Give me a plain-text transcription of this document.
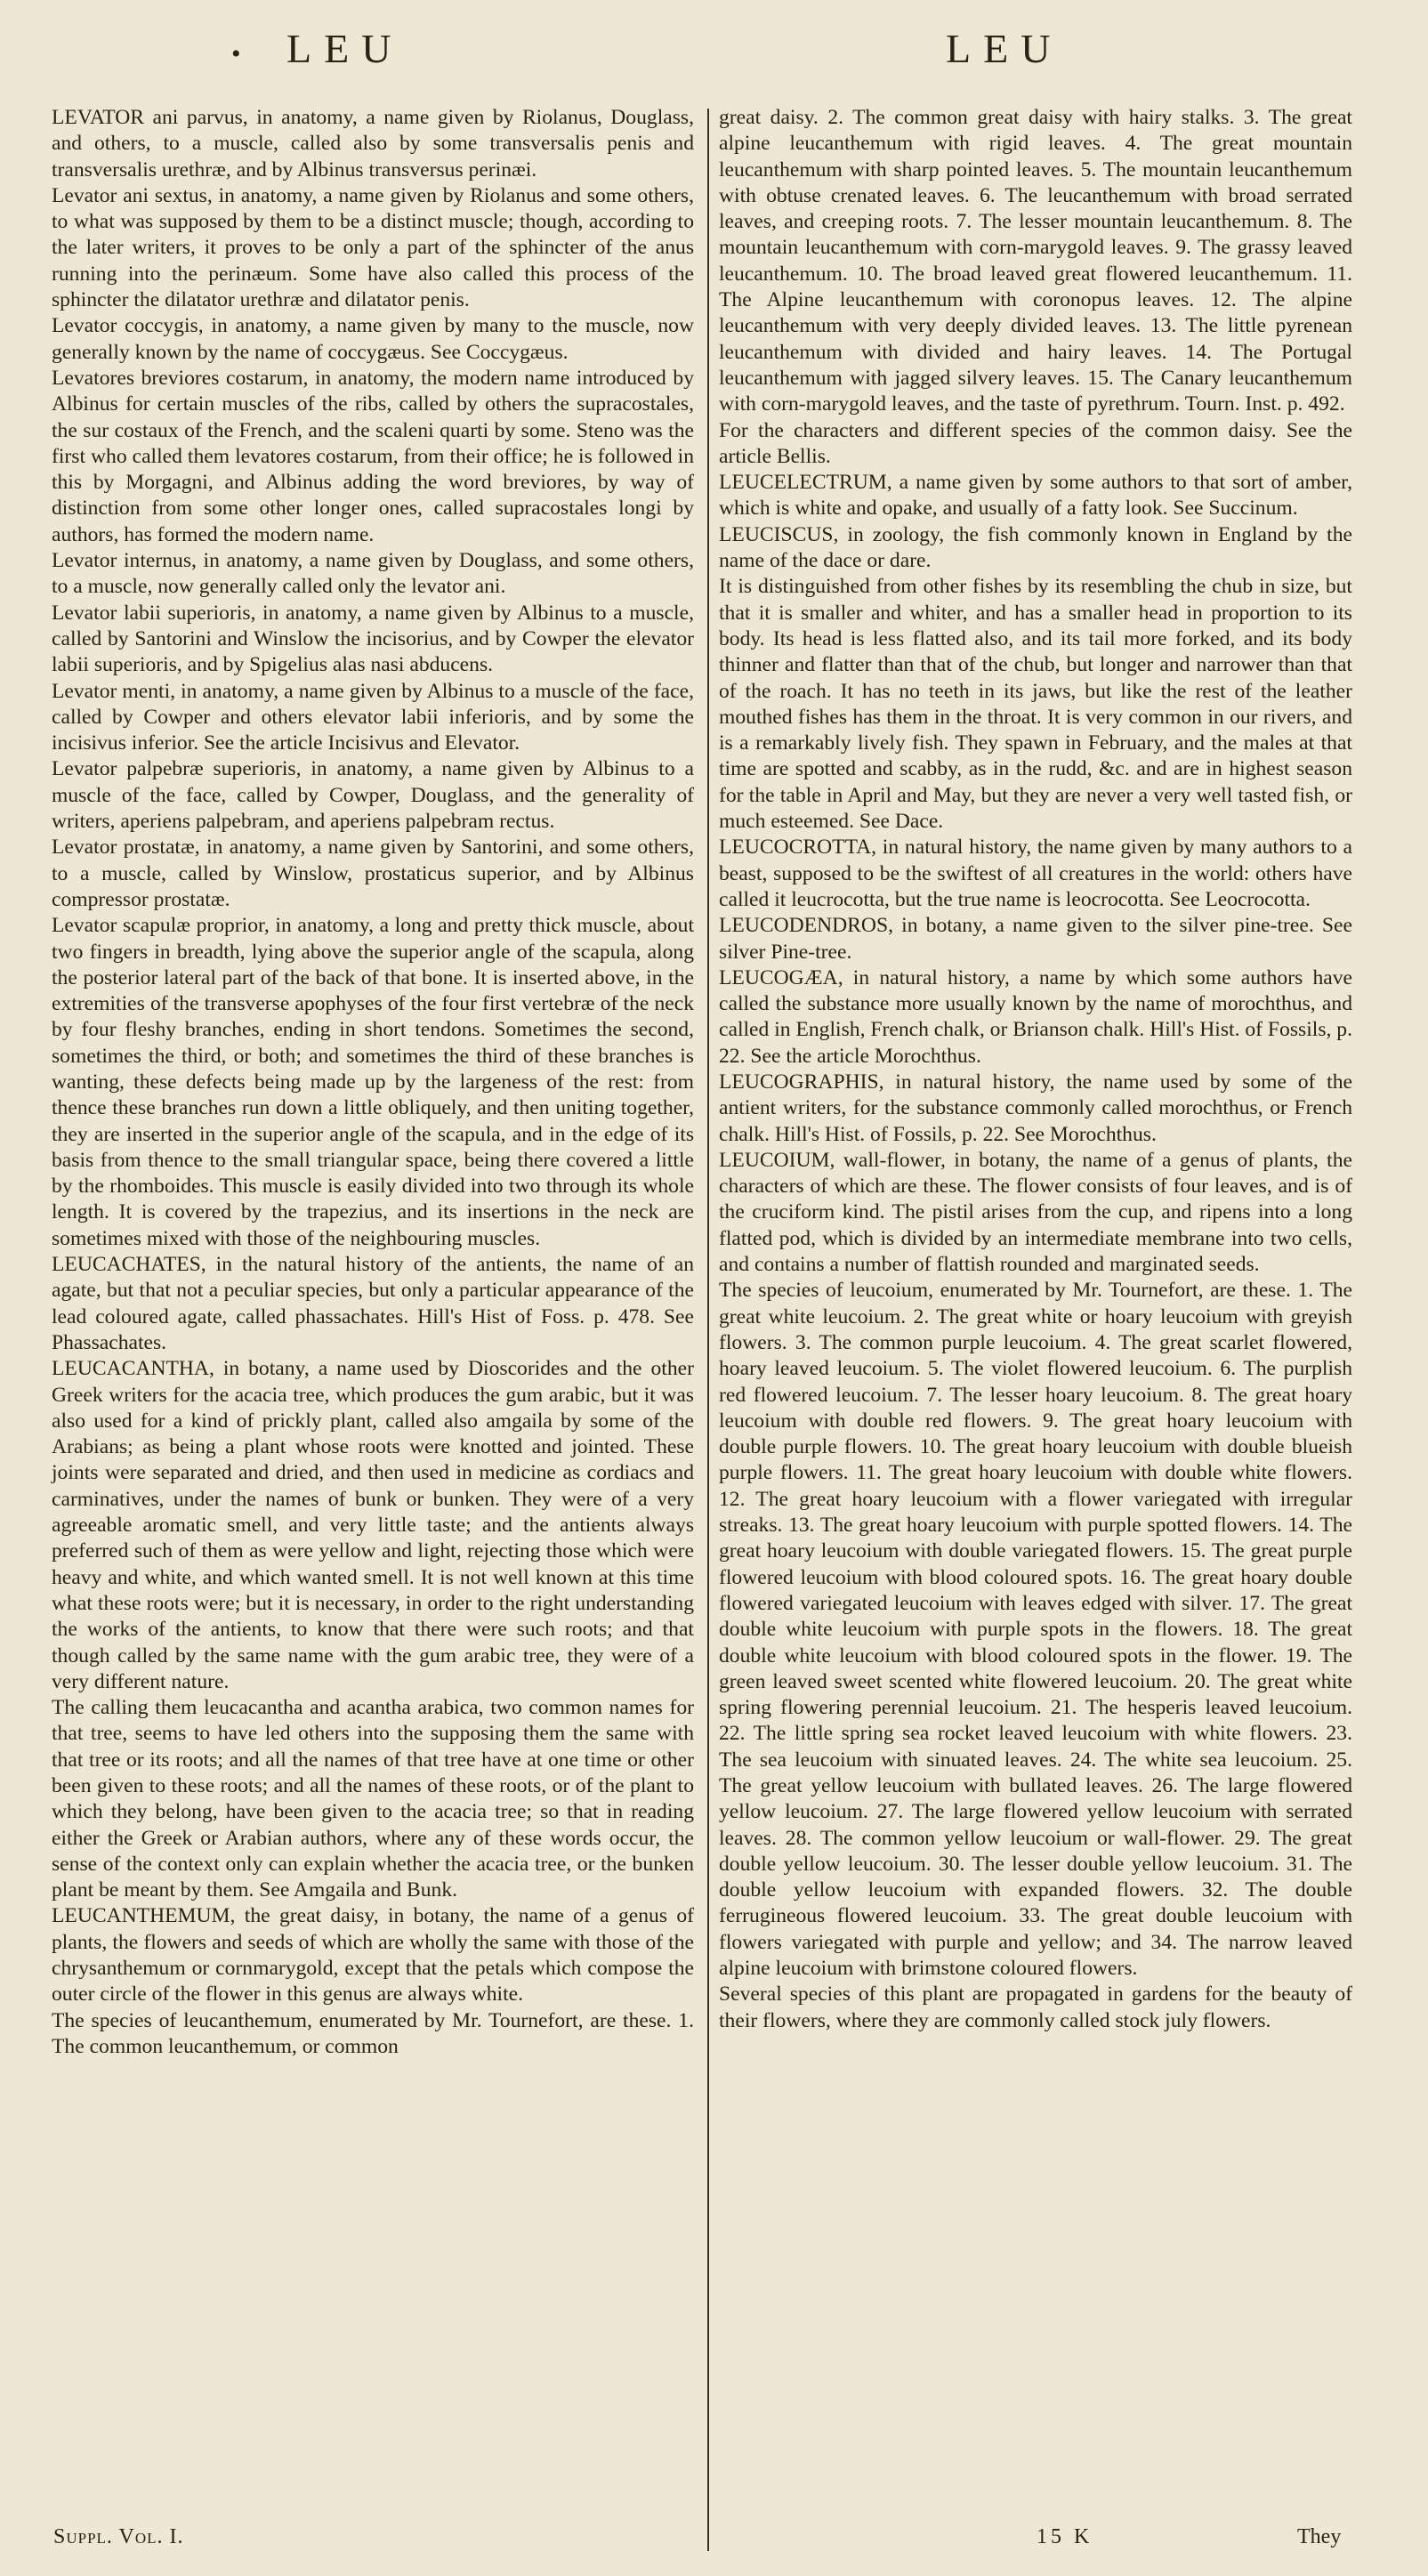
• LEU	LEU

LEVATOR ani parvus, in anatomy, a name given by Riolanus, Douglass, and others, to a muscle, called also by some transversalis penis and transversalis urethræ, and by Albinus transversus perinæi.

Levator ani sextus, in anatomy, a name given by Riolanus and some others, to what was supposed by them to be a distinct muscle; though, according to the later writers, it proves to be only a part of the sphincter of the anus running into the perinæum. Some have also called this process of the sphincter the dilatator urethræ and dilatator penis.

Levator coccygis, in anatomy, a name given by many to the muscle, now generally known by the name of coccygæus. See Coccygæus.

Levatores breviores costarum, in anatomy, the modern name introduced by Albinus for certain muscles of the ribs, called by others the supracostales, the sur costaux of the French, and the scaleni quarti by some. Steno was the first who called them levatores costarum, from their office; he is followed in this by Morgagni, and Albinus adding the word breviores, by way of distinction from some other longer ones, called supracostales longi by authors, has formed the modern name.

Levator internus, in anatomy, a name given by Douglass, and some others, to a muscle, now generally called only the levator ani.

Levator labii superioris, in anatomy, a name given by Albinus to a muscle, called by Santorini and Winslow the incisorius, and by Cowper the elevator labii superioris, and by Spigelius alas nasi abducens.

Levator menti, in anatomy, a name given by Albinus to a muscle of the face, called by Cowper and others elevator labii inferioris, and by some the incisivus inferior. See the article Incisivus and Elevator.

Levator palpebræ superioris, in anatomy, a name given by Albinus to a muscle of the face, called by Cowper, Douglass, and the generality of writers, aperiens palpebram, and aperiens palpebram rectus.

Levator prostatæ, in anatomy, a name given by Santorini, and some others, to a muscle, called by Winslow, prostaticus superior, and by Albinus compressor prostatæ.

Levator scapulæ proprior, in anatomy, a long and pretty thick muscle, about two fingers in breadth, lying above the superior angle of the scapula, along the posterior lateral part of the back of that bone. It is inserted above, in the extremities of the transverse apophyses of the four first vertebræ of the neck by four fleshy branches, ending in short tendons. Sometimes the second, sometimes the third, or both; and sometimes the third of these branches is wanting, these defects being made up by the largeness of the rest: from thence these branches run down a little obliquely, and then uniting together, they are inserted in the superior angle of the scapula, and in the edge of its basis from thence to the small triangular space, being there covered a little by the rhomboides. This muscle is easily divided into two through its whole length. It is covered by the trapezius, and its insertions in the neck are sometimes mixed with those of the neighbouring muscles.

LEUCACHATES, in the natural history of the antients, the name of an agate, but that not a peculiar species, but only a particular appearance of the lead coloured agate, called phassachates. Hill's Hist of Foss. p. 478. See Phassachates.

LEUCACANTHA, in botany, a name used by Dioscorides and the other Greek writers for the acacia tree, which produces the gum arabic, but it was also used for a kind of prickly plant, called also amgaila by some of the Arabians; as being a plant whose roots were knotted and jointed. These joints were separated and dried, and then used in medicine as cordiacs and carminatives, under the names of bunk or bunken. They were of a very agreeable aromatic smell, and very little taste; and the antients always preferred such of them as were yellow and light, rejecting those which were heavy and white, and which wanted smell. It is not well known at this time what these roots were; but it is necessary, in order to the right understanding the works of the antients, to know that there were such roots; and that though called by the same name with the gum arabic tree, they were of a very different nature.

The calling them leucacantha and acantha arabica, two common names for that tree, seems to have led others into the supposing them the same with that tree or its roots; and all the names of that tree have at one time or other been given to these roots; and all the names of these roots, or of the plant to which they belong, have been given to the acacia tree; so that in reading either the Greek or Arabian authors, where any of these words occur, the sense of the context only can explain whether the acacia tree, or the bunken plant be meant by them. See Amgaila and Bunk.

LEUCANTHEMUM, the great daisy, in botany, the name of a genus of plants, the flowers and seeds of which are wholly the same with those of the chrysanthemum or cornmarygold, except that the petals which compose the outer circle of the flower in this genus are always white.

The species of leucanthemum, enumerated by Mr. Tournefort, are these. 1. The common leucanthemum, or common

great daisy. 2. The common great daisy with hairy stalks. 3. The great alpine leucanthemum with rigid leaves. 4. The great mountain leucanthemum with sharp pointed leaves. 5. The mountain leucanthemum with obtuse crenated leaves. 6. The leucanthemum with broad serrated leaves, and creeping roots. 7. The lesser mountain leucanthemum. 8. The mountain leucanthemum with corn-marygold leaves. 9. The grassy leaved leucanthemum. 10. The broad leaved great flowered leucanthemum. 11. The Alpine leucanthemum with coronopus leaves. 12. The alpine leucanthemum with very deeply divided leaves. 13. The little pyrenean leucanthemum with divided and hairy leaves. 14. The Portugal leucanthemum with jagged silvery leaves. 15. The Canary leucanthemum with corn-marygold leaves, and the taste of pyrethrum. Tourn. Inst. p. 492.

For the characters and different species of the common daisy. See the article Bellis.

LEUCELECTRUM, a name given by some authors to that sort of amber, which is white and opake, and usually of a fatty look. See Succinum.

LEUCISCUS, in zoology, the fish commonly known in England by the name of the dace or dare.

It is distinguished from other fishes by its resembling the chub in size, but that it is smaller and whiter, and has a smaller head in proportion to its body. Its head is less flatted also, and its tail more forked, and its body thinner and flatter than that of the chub, but longer and narrower than that of the roach. It has no teeth in its jaws, but like the rest of the leather mouthed fishes has them in the throat. It is very common in our rivers, and is a remarkably lively fish. They spawn in February, and the males at that time are spotted and scabby, as in the rudd, &c. and are in highest season for the table in April and May, but they are never a very well tasted fish, or much esteemed. See Dace.

LEUCOCROTTA, in natural history, the name given by many authors to a beast, supposed to be the swiftest of all creatures in the world: others have called it leucrocotta, but the true name is leocrocotta. See Leocrocotta.

LEUCODENDROS, in botany, a name given to the silver pine-tree. See silver Pine-tree.

LEUCOGÆA, in natural history, a name by which some authors have called the substance more usually known by the name of morochthus, and called in English, French chalk, or Brianson chalk. Hill's Hist. of Fossils, p. 22. See the article Morochthus.

LEUCOGRAPHIS, in natural history, the name used by some of the antient writers, for the substance commonly called morochthus, or French chalk. Hill's Hist. of Fossils, p. 22. See Morochthus.

LEUCOIUM, wall-flower, in botany, the name of a genus of plants, the characters of which are these. The flower consists of four leaves, and is of the cruciform kind. The pistil arises from the cup, and ripens into a long flatted pod, which is divided by an intermediate membrane into two cells, and contains a number of flattish rounded and marginated seeds.

The species of leucoium, enumerated by Mr. Tournefort, are these. 1. The great white leucoium. 2. The great white or hoary leucoium with greyish flowers. 3. The common purple leucoium. 4. The great scarlet flowered, hoary leaved leucoium. 5. The violet flowered leucoium. 6. The purplish red flowered leucoium. 7. The lesser hoary leucoium. 8. The great hoary leucoium with double red flowers. 9. The great hoary leucoium with double purple flowers. 10. The great hoary leucoium with double blueish purple flowers. 11. The great hoary leucoium with double white flowers. 12. The great hoary leucoium with a flower variegated with irregular streaks. 13. The great hoary leucoium with purple spotted flowers. 14. The great hoary leucoium with double variegated flowers. 15. The great purple flowered leucoium with blood coloured spots. 16. The great hoary double flowered variegated leucoium with leaves edged with silver. 17. The great double white leucoium with purple spots in the flowers. 18. The great double white leucoium with blood coloured spots in the flower. 19. The green leaved sweet scented white flowered leucoium. 20. The great white spring flowering perennial leucoium. 21. The hesperis leaved leucoium. 22. The little spring sea rocket leaved leucoium with white flowers. 23. The sea leucoium with sinuated leaves. 24. The white sea leucoium. 25. The great yellow leucoium with bullated leaves. 26. The large flowered yellow leucoium. 27. The large flowered yellow leucoium with serrated leaves. 28. The common yellow leucoium or wall-flower. 29. The great double yellow leucoium. 30. The lesser double yellow leucoium. 31. The double yellow leucoium with expanded flowers. 32. The double ferrugineous flowered leucoium. 33. The great double leucoium with flowers variegated with purple and yellow; and 34. The narrow leaved alpine leucoium with brimstone coloured flowers.

Several species of this plant are propagated in gardens for the beauty of their flowers, where they are commonly called stock july flowers.

Suppl. Vol. I.	15 K	They
